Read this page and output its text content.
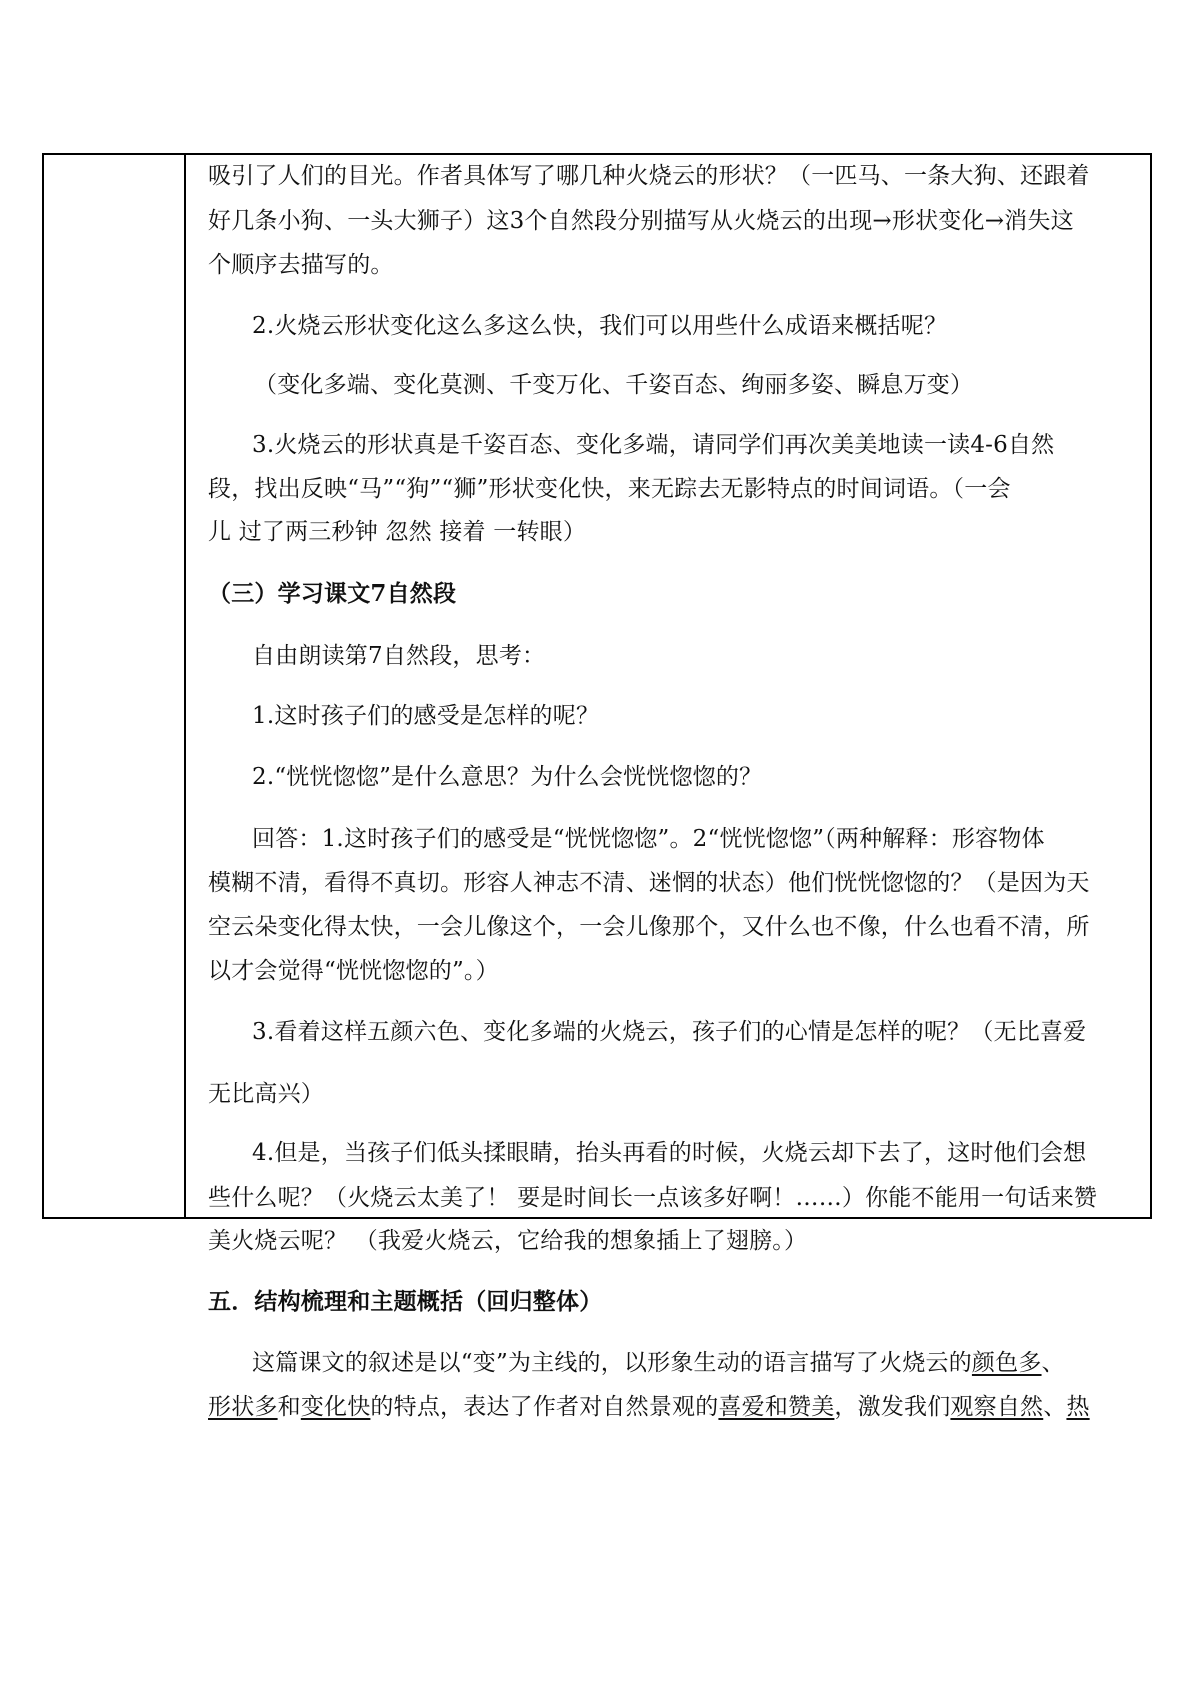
吸引了人们的目光。作者具体写了哪几种火烧云的形状？（一匹马、一条大狗、还跟着
好几条小狗、一头大狮子）这3个自然段分别描写从火烧云的出现→形状变化→消失这
个顺序去描写的。
2.火烧云形状变化这么多这么快，我们可以用些什么成语来概括呢？
（变化多端、变化莫测、千变万化、千姿百态、绚丽多姿、瞬息万变）
3.火烧云的形状真是千姿百态、变化多端，请同学们再次美美地读一读4-6自然
段，找出反映“马”“狗”“狮”形状变化快，来无踪去无影特点的时间词语。（一会
儿 过了两三秒钟 忽然 接着 一转眼）
（三）学习课文7自然段
自由朗读第7自然段，思考：
1.这时孩子们的感受是怎样的呢？
2.“恍恍惚惚”是什么意思？为什么会恍恍惚惚的？
回答：1.这时孩子们的感受是“恍恍惚惚”。2“恍恍惚惚”（两种解释：形容物体
模糊不清，看得不真切。形容人神志不清、迷惘的状态）他们恍恍惚惚的？（是因为天
空云朵变化得太快，一会儿像这个，一会儿像那个，又什么也不像，什么也看不清，所
以才会觉得“恍恍惚惚的”。）
3.看着这样五颜六色、变化多端的火烧云，孩子们的心情是怎样的呢？（无比喜爱
无比高兴）
4.但是，当孩子们低头揉眼睛，抬头再看的时候，火烧云却下去了，这时他们会想
些什么呢？（火烧云太美了！ 要是时间长一点该多好啊！……）你能不能用一句话来赞
美火烧云呢？ （我爱火烧云，它给我的想象插上了翅膀。）
五．结构梳理和主题概括（回归整体）
这篇课文的叙述是以“变”为主线的，以形象生动的语言描写了火烧云的颜色多、
形状多和变化快的特点，表达了作者对自然景观的喜爱和赞美，激发我们观察自然、热
